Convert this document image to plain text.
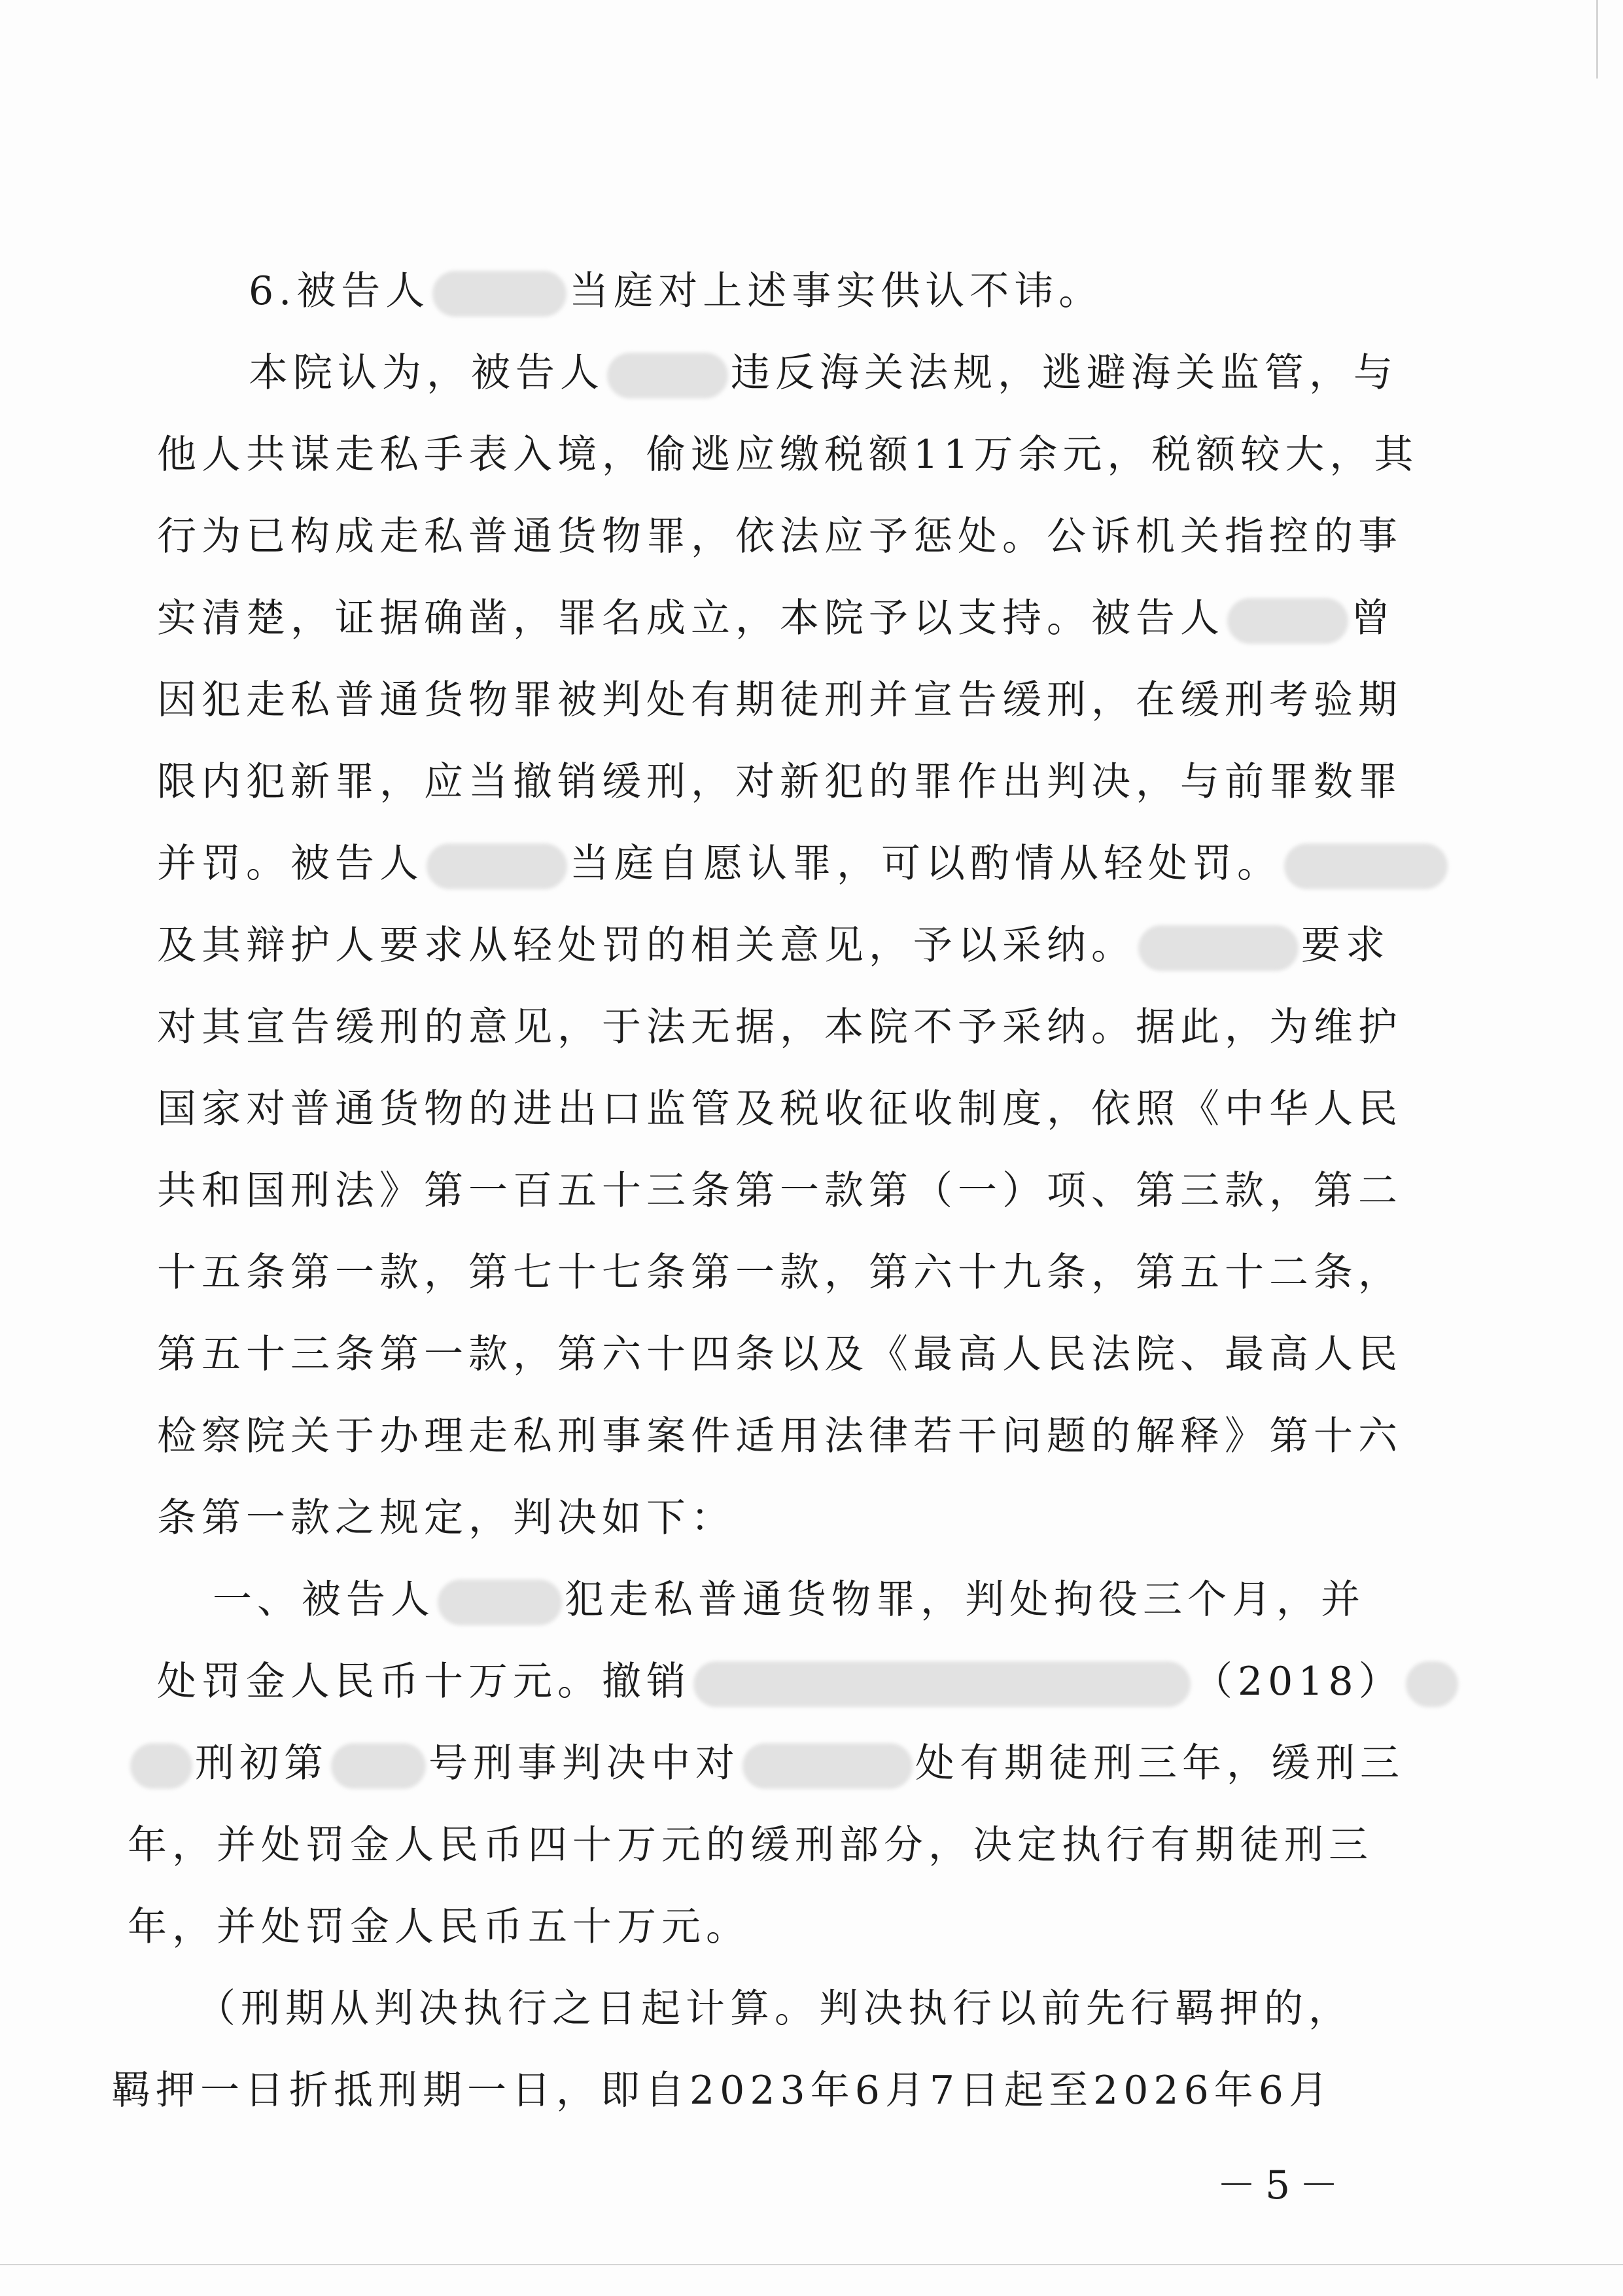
6.被告人	当庭对上述事实供认不讳。
本院认为，被告人	违反海关法规，逃避海关监管，与
他人共谋走私手表入境，偷逃应缴税额11万余元，税额较大，其
行为已构成走私普通货物罪，依法应予惩处。公诉机关指控的事
实清楚，证据确凿，罪名成立，本院予以支持。被告人	曾
因犯走私普通货物罪被判处有期徒刑并宣告缓刑，在缓刑考验期
限内犯新罪，应当撤销缓刑，对新犯的罪作出判决，与前罪数罪
并罚。被告人	当庭自愿认罪，可以酌情从轻处罚。
及其辩护人要求从轻处罚的相关意见，予以采纳。	要求
对其宣告缓刑的意见，于法无据，本院不予采纳。据此，为维护
国家对普通货物的进出口监管及税收征收制度，依照《中华人民
共和国刑法》第一百五十三条第一款第（一）项、第三款，第二
十五条第一款，第七十七条第一款，第六十九条，第五十二条，
第五十三条第一款，第六十四条以及《最高人民法院、最高人民
检察院关于办理走私刑事案件适用法律若干问题的解释》第十六
条第一款之规定，判决如下：
一、被告人	犯走私普通货物罪，判处拘役三个月，并
处罚金人民币十万元。撤销	（2018）
刑初第	号刑事判决中对	处有期徒刑三年，缓刑三
年，并处罚金人民币四十万元的缓刑部分，决定执行有期徒刑三
年，并处罚金人民币五十万元。
（刑期从判决执行之日起计算。判决执行以前先行羁押的，
羁押一日折抵刑期一日，即自2023年6月7日起至2026年6月
－5－
